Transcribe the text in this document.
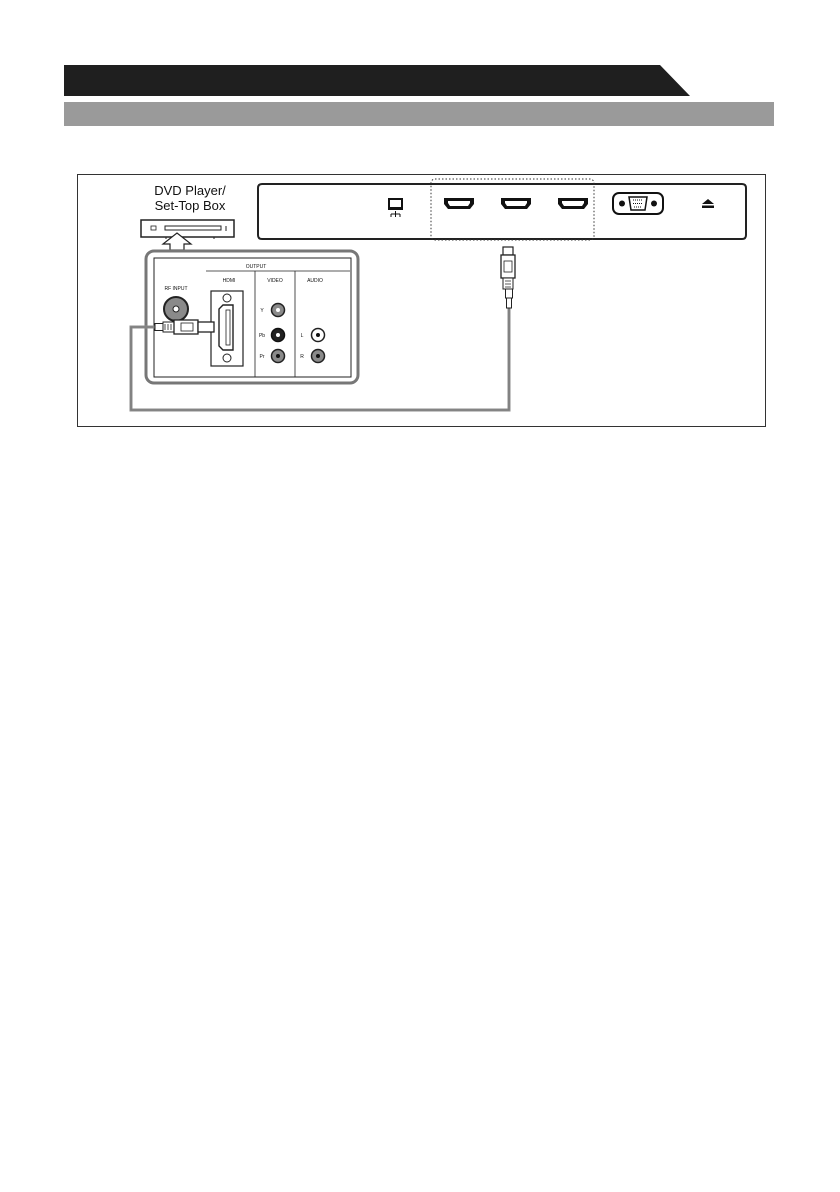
DVD Player/
Set-Top Box
OUTPUT
RF INPUT
HDMI	VIDEO	AUDIO
Y
Pb
Pr
L
R
